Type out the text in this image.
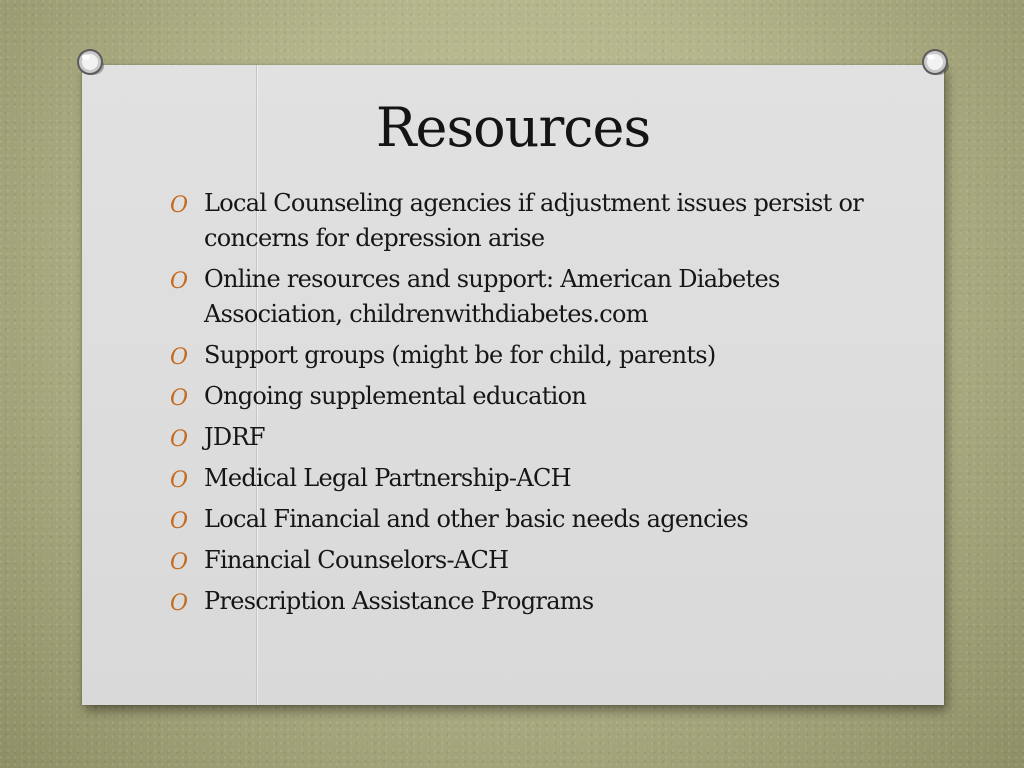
Resources
O Local Counseling agencies if adjustment issues persist or concerns for depression arise
O Online resources and support: American Diabetes Association, childrenwithdiabetes.com
O Support groups (might be for child, parents)
O Ongoing supplemental education
O JDRF
O Medical Legal Partnership-ACH
O Local Financial and other basic needs agencies
O Financial Counselors-ACH
O Prescription Assistance Programs
